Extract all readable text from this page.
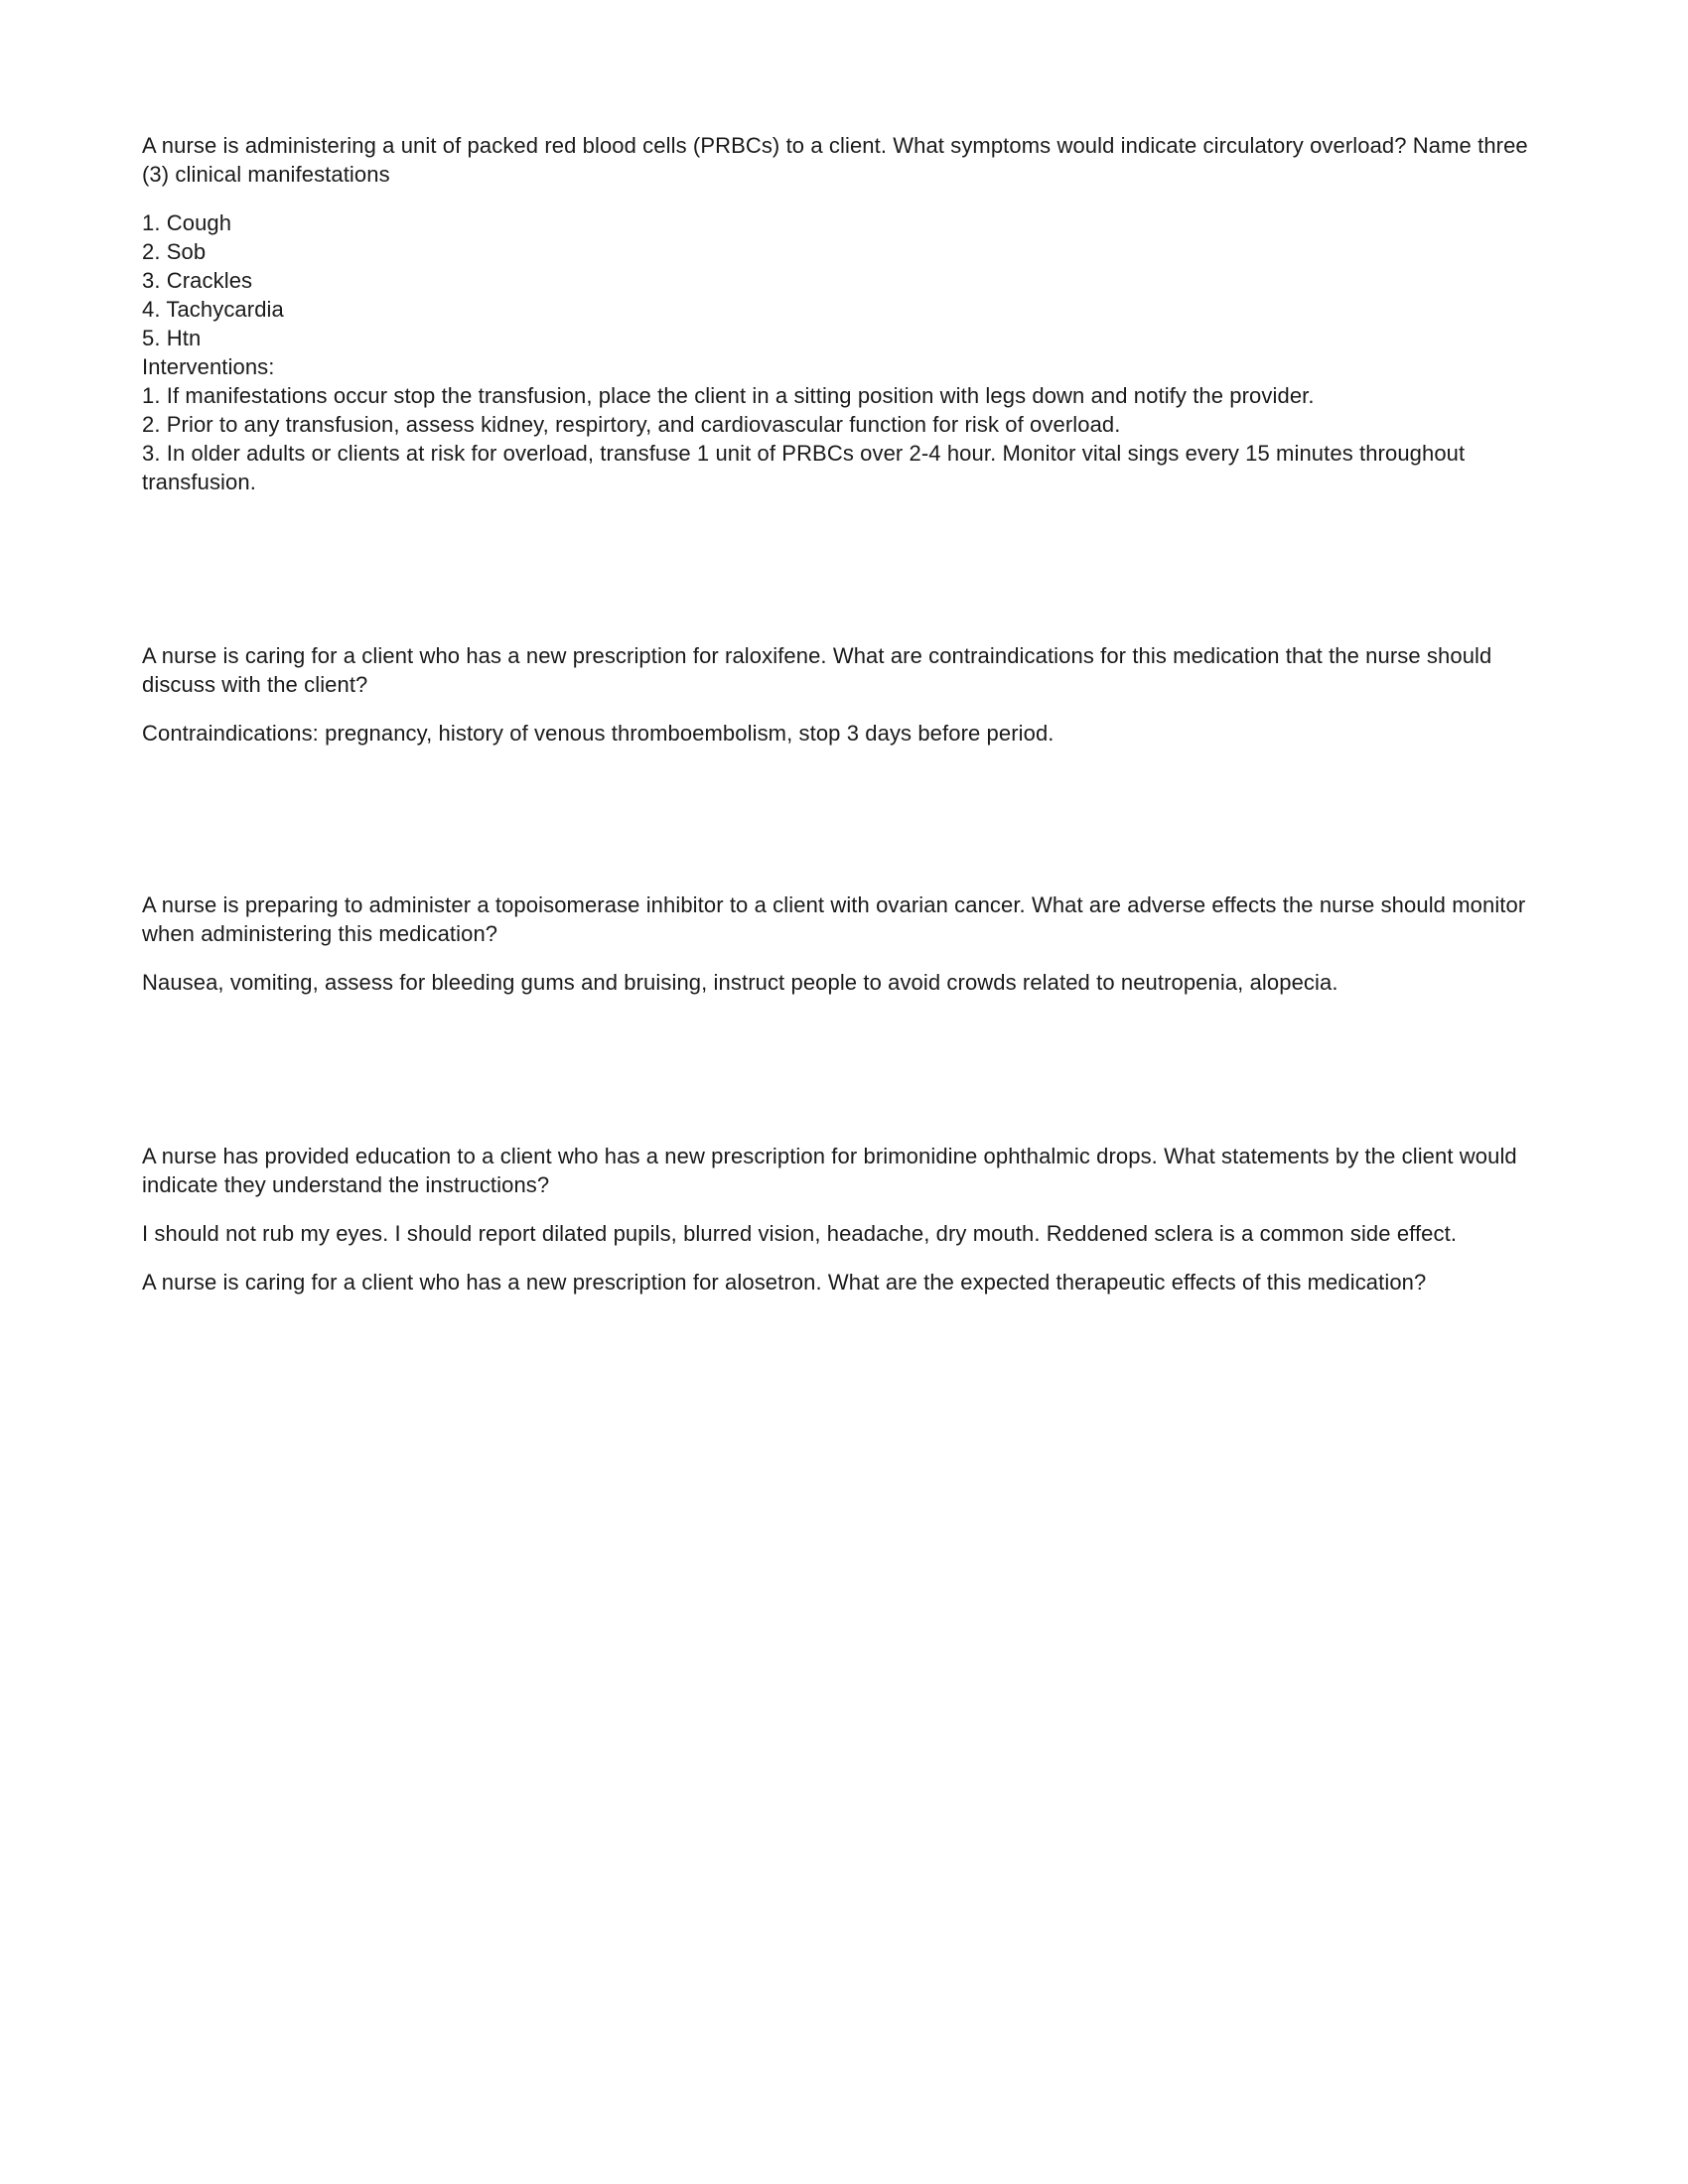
A nurse is administering a unit of packed red blood cells (PRBCs) to a client. What symptoms would indicate circulatory overload? Name three (3) clinical manifestations

1. Cough
2. Sob
3. Crackles
4. Tachycardia
5. Htn
Interventions:
1. If manifestations occur stop the transfusion, place the client in a sitting position with legs down and notify the provider.
2. Prior to any transfusion, assess kidney, respirtory, and cardiovascular function for risk of overload.
3. In older adults or clients at risk for overload, transfuse 1 unit of PRBCs over 2-4 hour. Monitor vital sings every 15 minutes throughout transfusion.

A nurse is caring for a client who has a new prescription for raloxifene. What are contraindications for this medication that the nurse should discuss with the client?

Contraindications: pregnancy, history of venous thromboembolism, stop 3 days before period.

A nurse is preparing to administer a topoisomerase inhibitor to a client with ovarian cancer. What are adverse effects the nurse should monitor when administering this medication?

Nausea, vomiting, assess for bleeding gums and bruising, instruct people to avoid crowds related to neutropenia, alopecia.

A nurse has provided education to a client who has a new prescription for brimonidine ophthalmic drops. What statements by the client would indicate they understand the instructions?

I should not rub my eyes. I should report dilated pupils, blurred vision, headache, dry mouth. Reddened sclera is a common side effect.

A nurse is caring for a client who has a new prescription for alosetron. What are the expected therapeutic effects of this medication?
